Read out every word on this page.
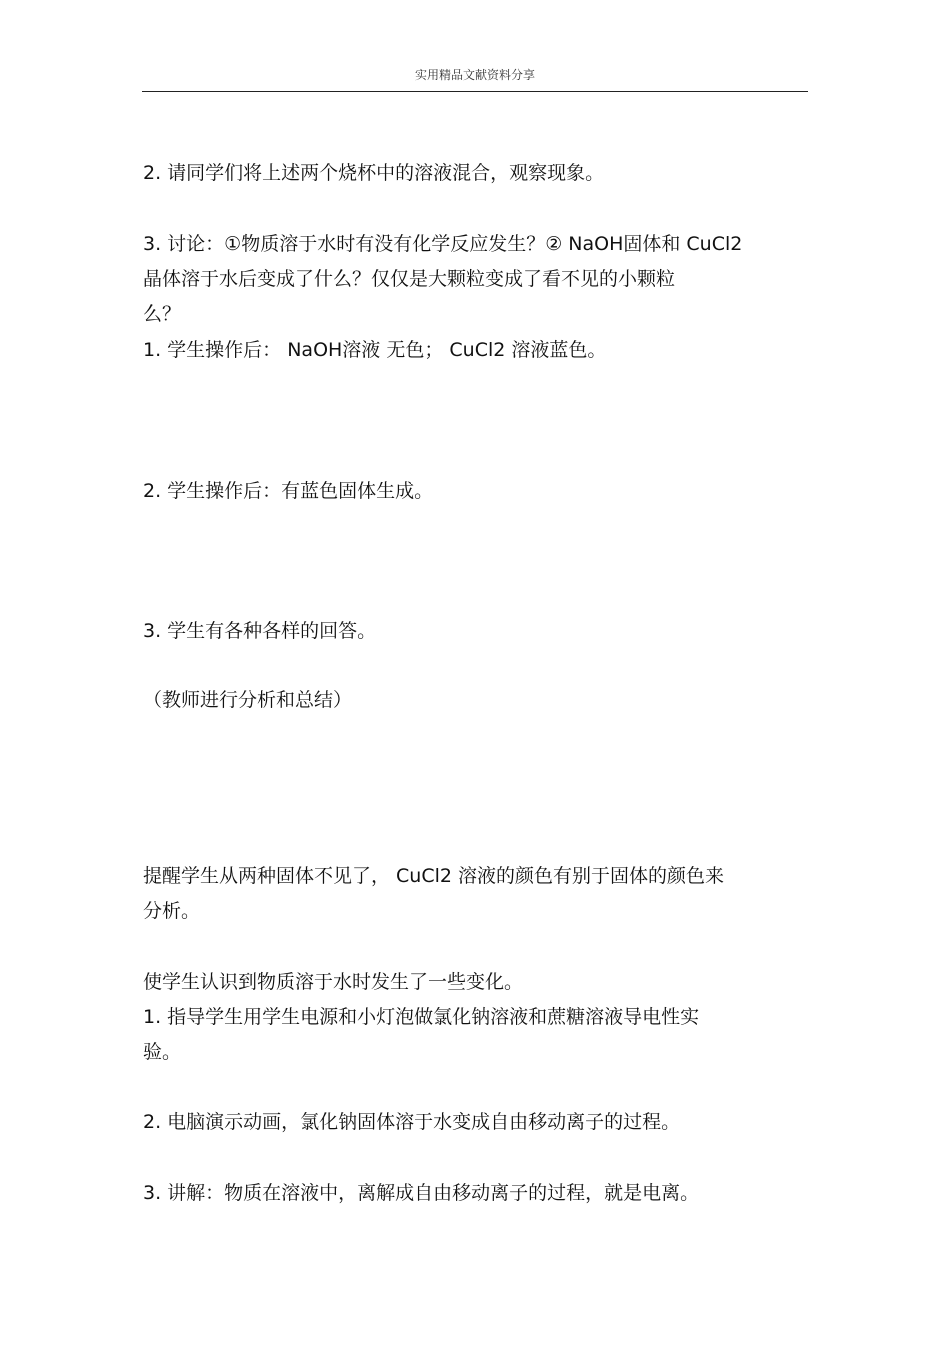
实用精品文献资料分享
2. 请同学们将上述两个烧杯中的溶液混合，观察现象。
3. 讨论：①物质溶于水时有没有化学反应发生？② NaOH固体和 CuCl2
晶体溶于水后变成了什么？仅仅是大颗粒变成了看不见的小颗粒
么？
1. 学生操作后： NaOH溶液 无色； CuCl2 溶液蓝色。
2. 学生操作后：有蓝色固体生成。
3. 学生有各种各样的回答。
（教师进行分析和总结）
提醒学生从两种固体不见了， CuCl2 溶液的颜色有别于固体的颜色来
分析。
使学生认识到物质溶于水时发生了一些变化。
1. 指导学生用学生电源和小灯泡做氯化钠溶液和蔗糖溶液导电性实
验。
2. 电脑演示动画，氯化钠固体溶于水变成自由移动离子的过程。
3. 讲解：物质在溶液中，离解成自由移动离子的过程，就是电离。
